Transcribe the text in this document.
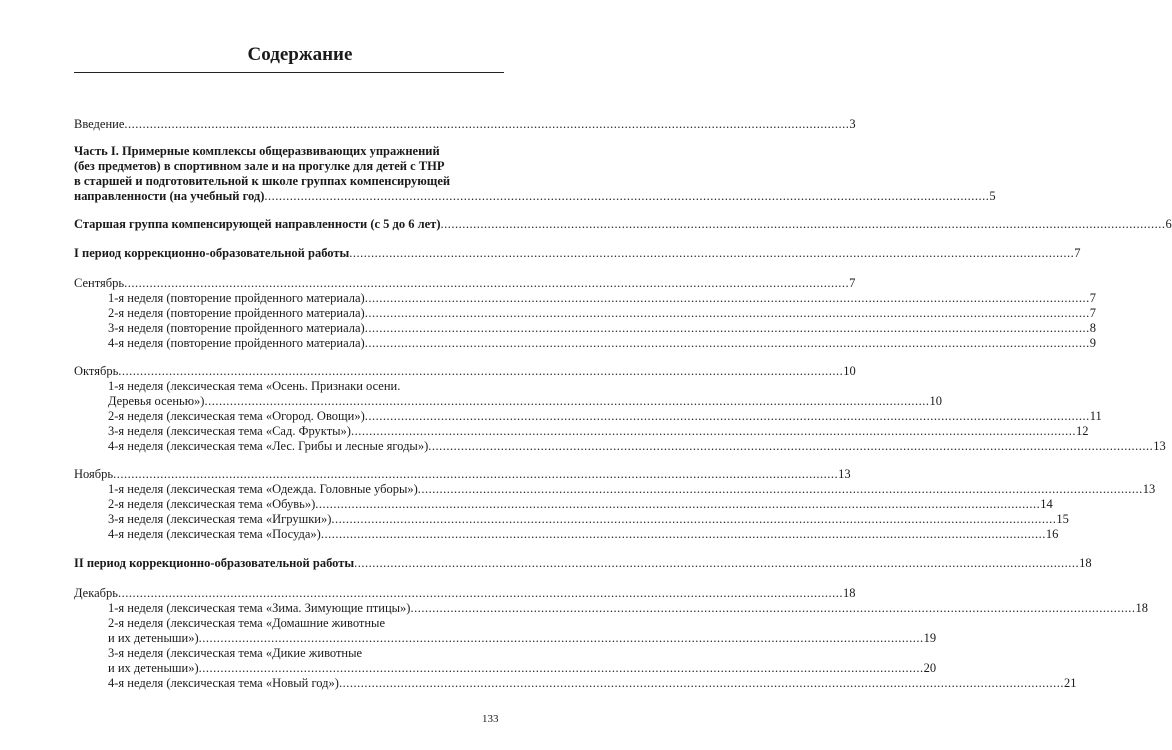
Содержание
Введение ........................................................................................................................................................................................................ 3
Часть I. Примерные комплексы общеразвивающих упражнений
(без предметов) в спортивном зале и на прогулке для детей с ТНР
в старшей и подготовительной к школе группах компенсирующей
направленности (на учебный год) ........................................................................................................................................................................................................ 5
Старшая группа компенсирующей направленности (с 5 до 6 лет) ........................................................................................................................................................................................................ 6
I период коррекционно-образовательной работы ........................................................................................................................................................................................................ 7
Сентябрь ........................................................................................................................................................................................................ 7
1-я неделя (повторение пройденного материала) ........................................................................................................................................................................................................ 7
2-я неделя (повторение пройденного материала) ........................................................................................................................................................................................................ 7
3-я неделя (повторение пройденного материала) ........................................................................................................................................................................................................ 8
4-я неделя (повторение пройденного материала) ........................................................................................................................................................................................................ 9
Октябрь ........................................................................................................................................................................................................ 10
1-я неделя (лексическая тема «Осень. Признаки осени.
Деревья осенью») ........................................................................................................................................................................................................ 10
2-я неделя (лексическая тема «Огород. Овощи») ........................................................................................................................................................................................................ 11
3-я неделя (лексическая тема «Сад. Фрукты») ........................................................................................................................................................................................................ 12
4-я неделя (лексическая тема «Лес. Грибы и лесные ягоды») ........................................................................................................................................................................................................ 13
Ноябрь ........................................................................................................................................................................................................ 13
1-я неделя (лексическая тема «Одежда. Головные уборы») ........................................................................................................................................................................................................ 13
2-я неделя (лексическая тема «Обувь») ........................................................................................................................................................................................................ 14
3-я неделя (лексическая тема «Игрушки») ........................................................................................................................................................................................................ 15
4-я неделя (лексическая тема «Посуда») ........................................................................................................................................................................................................ 16
II период коррекционно-образовательной работы ........................................................................................................................................................................................................ 18
Декабрь ........................................................................................................................................................................................................ 18
1-я неделя (лексическая тема «Зима. Зимующие птицы») ........................................................................................................................................................................................................ 18
2-я неделя (лексическая тема «Домашние животные
и их детеныши») ........................................................................................................................................................................................................ 19
3-я неделя (лексическая тема «Дикие животные
и их детеныши») ........................................................................................................................................................................................................ 20
4-я неделя (лексическая тема «Новый год») ........................................................................................................................................................................................................ 21
133
